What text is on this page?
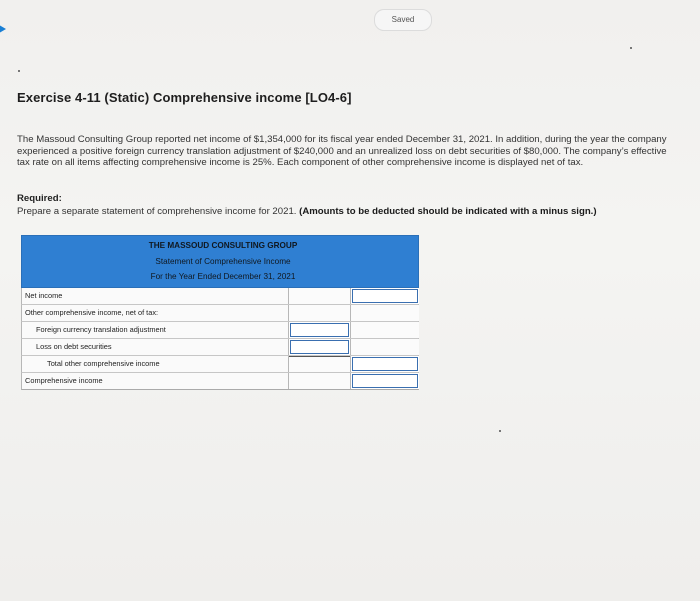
Saved
Exercise 4-11 (Static) Comprehensive income [LO4-6]

The Massoud Consulting Group reported net income of $1,354,000 for its fiscal year ended December 31, 2021. In addition, during the year the company experienced a positive foreign currency translation adjustment of $240,000 and an unrealized loss on debt securities of $80,000. The company’s effective tax rate on all items affecting comprehensive income is 25%. Each component of other comprehensive income is displayed net of tax.

Required:

Prepare a separate statement of comprehensive income for 2021. (Amounts to be deducted should be indicated with a minus sign.)

THE MASSOUD CONSULTING GROUP
Statement of Comprehensive Income
For the Year Ended December 31, 2021
Net income
Other comprehensive income, net of tax:
Foreign currency translation adjustment
Loss on debt securities
Total other comprehensive income
Comprehensive income
